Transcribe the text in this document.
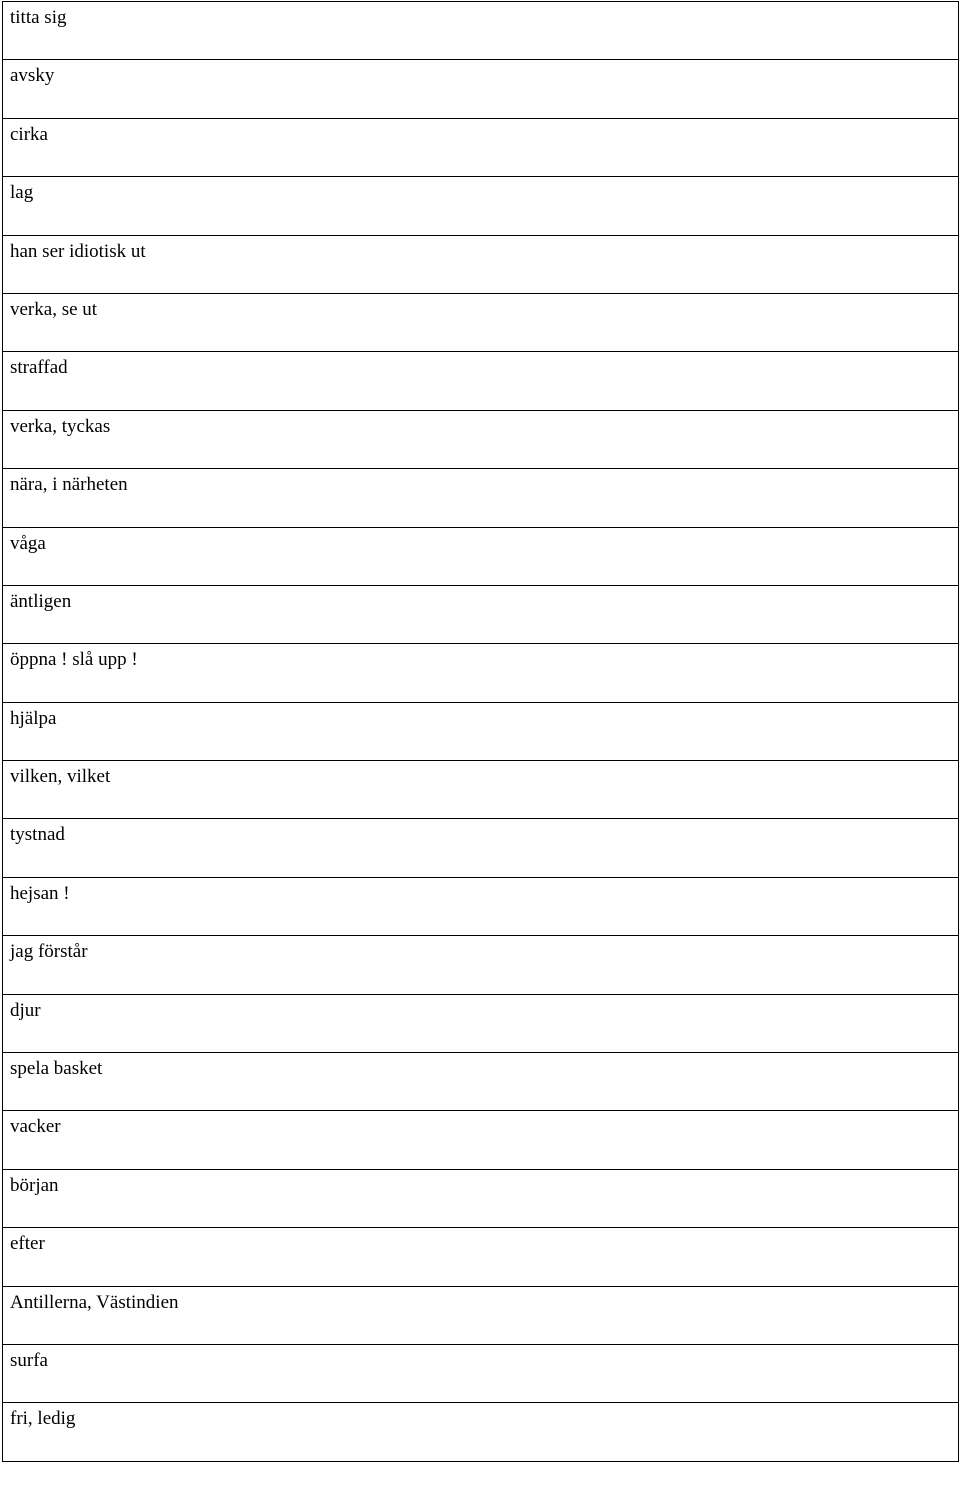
titta sig
avsky
cirka
lag
han ser idiotisk ut
verka, se ut
straffad
verka, tyckas
nära, i närheten
våga
äntligen
öppna ! slå upp !
hjälpa
vilken, vilket
tystnad
hejsan !
jag förstår
djur
spela basket
vacker
början
efter
Antillerna, Västindien
surfa
fri, ledig
